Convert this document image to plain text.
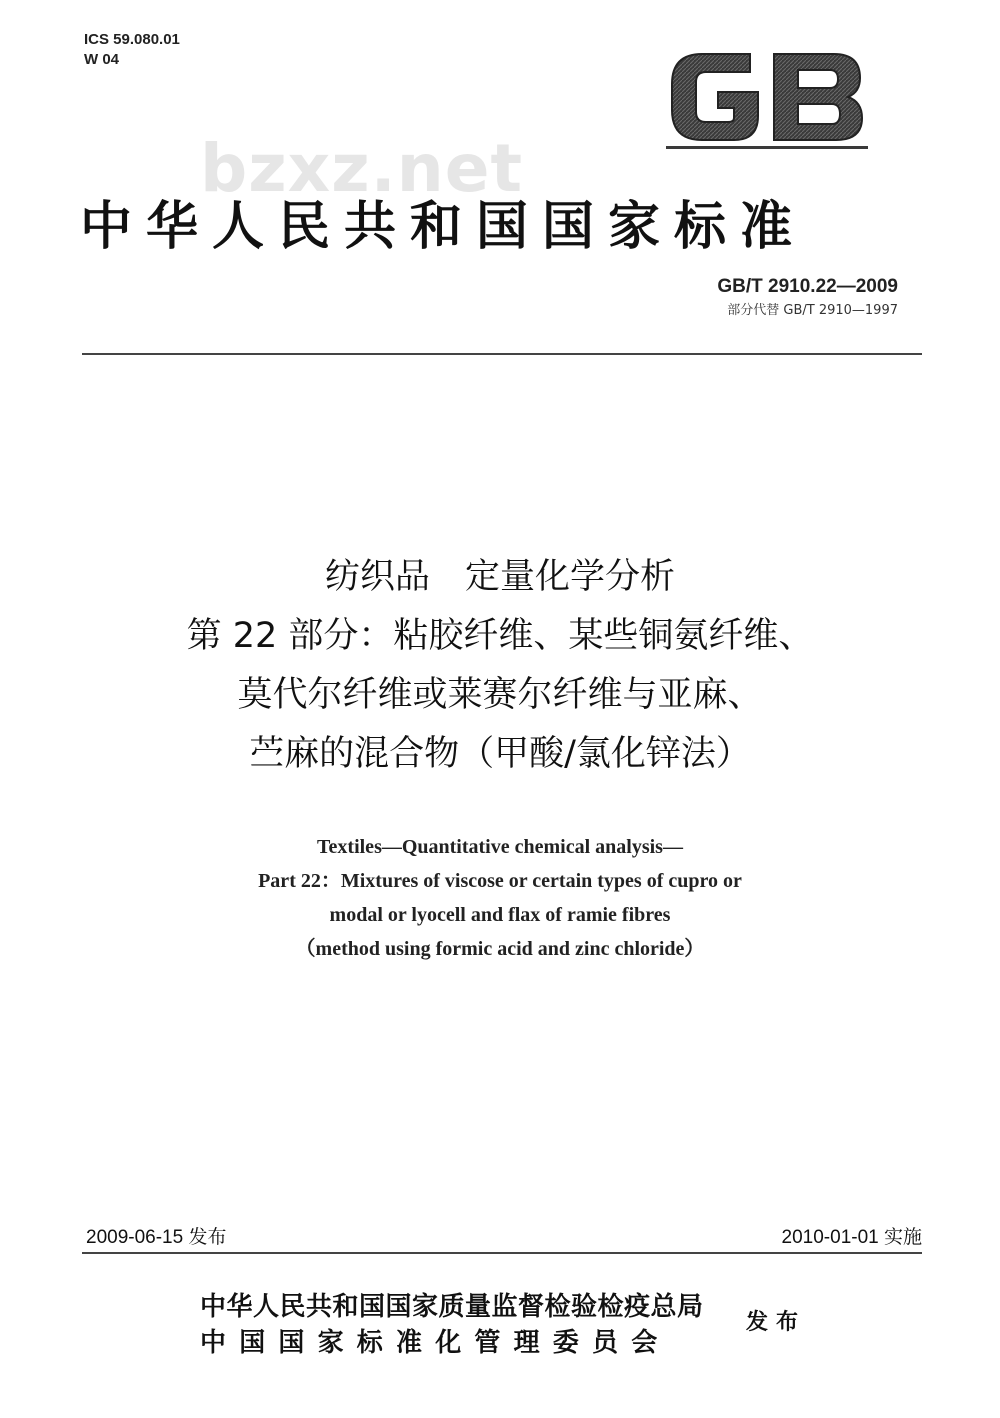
ICS 59.080.01
W 04
bzxz.net
中华人民共和国国家标准
GB/T 2910.22—2009
部分代替 GB/T 2910—1997
纺织品　定量化学分析
第 22 部分：粘胶纤维、某些铜氨纤维、
莫代尔纤维或莱赛尔纤维与亚麻、
苎麻的混合物（甲酸/氯化锌法）
Textiles—Quantitative chemical analysis—
Part 22：Mixtures of viscose or certain types of cupro or
modal or lyocell and flax of ramie fibres
（method using formic acid and zinc chloride）
2009-06-15 发布	2010-01-01 实施
中华人民共和国国家质量监督检验检疫总局
中国国家标准化管理委员会
发布
